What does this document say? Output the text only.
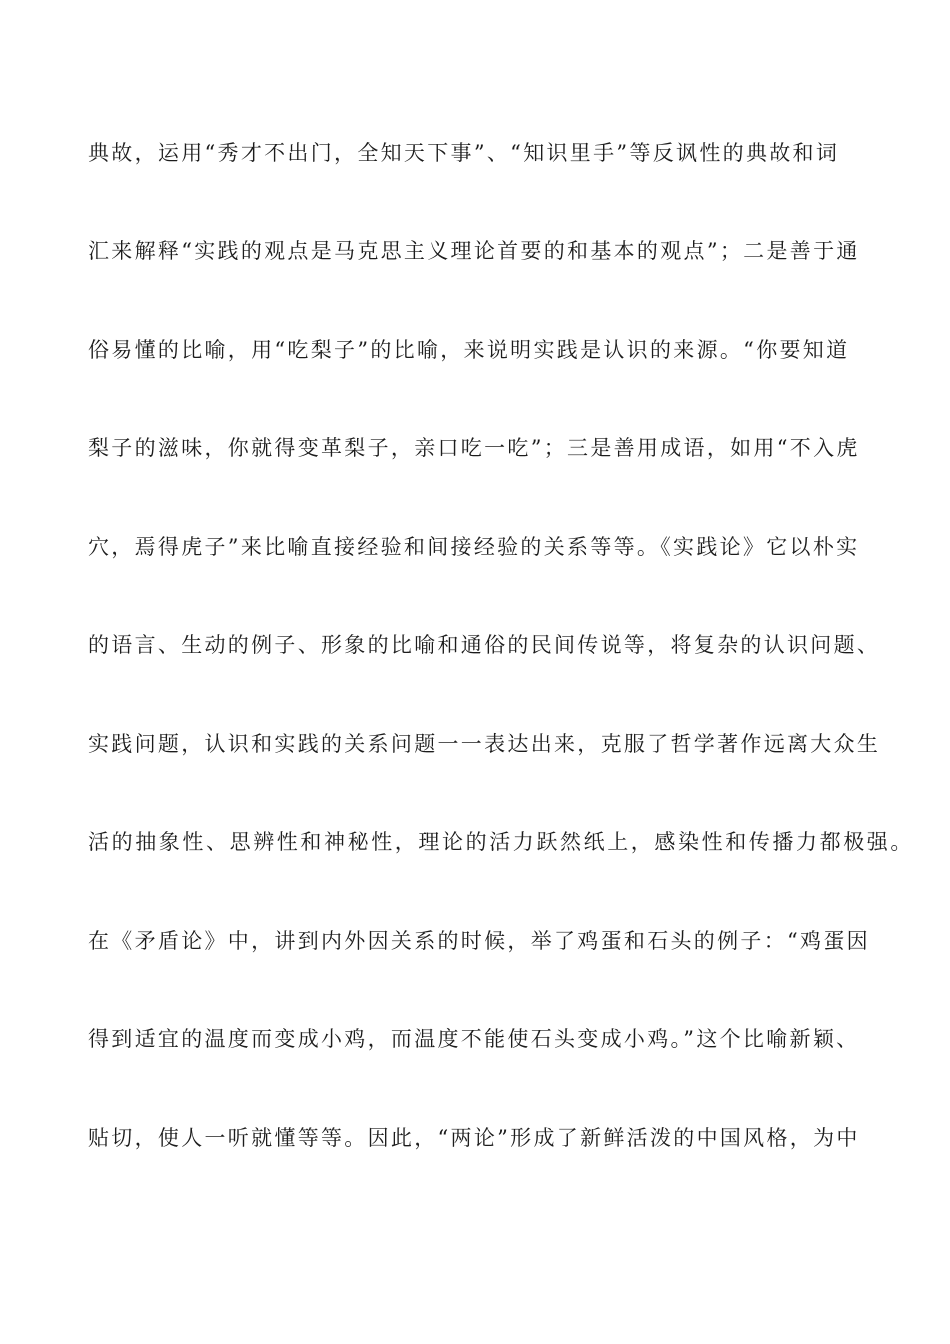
典故，运用“秀才不出门，全知天下事”、“知识里手”等反讽性的典故和词
汇来解释“实践的观点是马克思主义理论首要的和基本的观点”；二是善于通
俗易懂的比喻，用“吃梨子”的比喻，来说明实践是认识的来源。“你要知道
梨子的滋味，你就得变革梨子，亲口吃一吃”；三是善用成语，如用“不入虎
穴，焉得虎子”来比喻直接经验和间接经验的关系等等。《实践论》它以朴实
的语言、生动的例子、形象的比喻和通俗的民间传说等，将复杂的认识问题、
实践问题，认识和实践的关系问题一一表达出来，克服了哲学著作远离大众生
活的抽象性、思辨性和神秘性，理论的活力跃然纸上，感染性和传播力都极强。
在《矛盾论》中，讲到内外因关系的时候，举了鸡蛋和石头的例子：“鸡蛋因
得到适宜的温度而变成小鸡，而温度不能使石头变成小鸡。”这个比喻新颖、
贴切，使人一听就懂等等。因此，“两论”形成了新鲜活泼的中国风格，为中
